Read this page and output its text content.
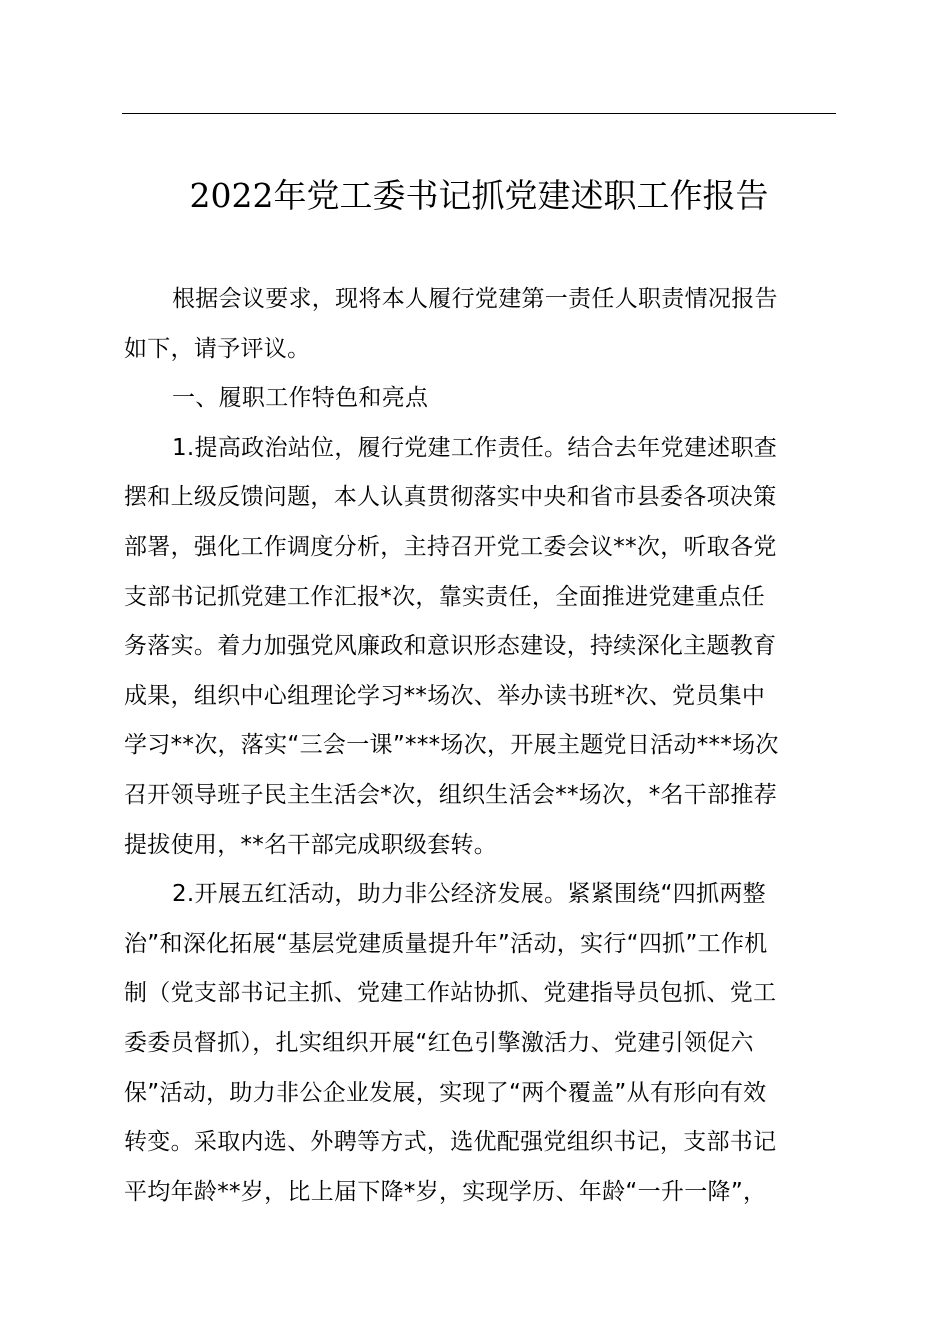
2022年党工委书记抓党建述职工作报告
根据会议要求，现将本人履行党建第一责任人职责情况报告
如下，请予评议。
一、履职工作特色和亮点
1.提高政治站位，履行党建工作责任。结合去年党建述职查
摆和上级反馈问题，本人认真贯彻落实中央和省市县委各项决策
部署，强化工作调度分析，主持召开党工委会议**次，听取各党
支部书记抓党建工作汇报*次，靠实责任，全面推进党建重点任
务落实。着力加强党风廉政和意识形态建设，持续深化主题教育
成果，组织中心组理论学习**场次、举办读书班*次、党员集中
学习**次，落实“三会一课”***场次，开展主题党日活动***场次
召开领导班子民主生活会*次，组织生活会**场次，*名干部推荐
提拔使用，**名干部完成职级套转。
2.开展五红活动，助力非公经济发展。紧紧围绕“四抓两整
治”和深化拓展“基层党建质量提升年”活动，实行“四抓”工作机
制（党支部书记主抓、党建工作站协抓、党建指导员包抓、党工
委委员督抓），扎实组织开展“红色引擎激活力、党建引领促六
保”活动，助力非公企业发展，实现了“两个覆盖”从有形向有效
转变。采取内选、外聘等方式，选优配强党组织书记，支部书记
平均年龄**岁，比上届下降*岁，实现学历、年龄“一升一降”，
